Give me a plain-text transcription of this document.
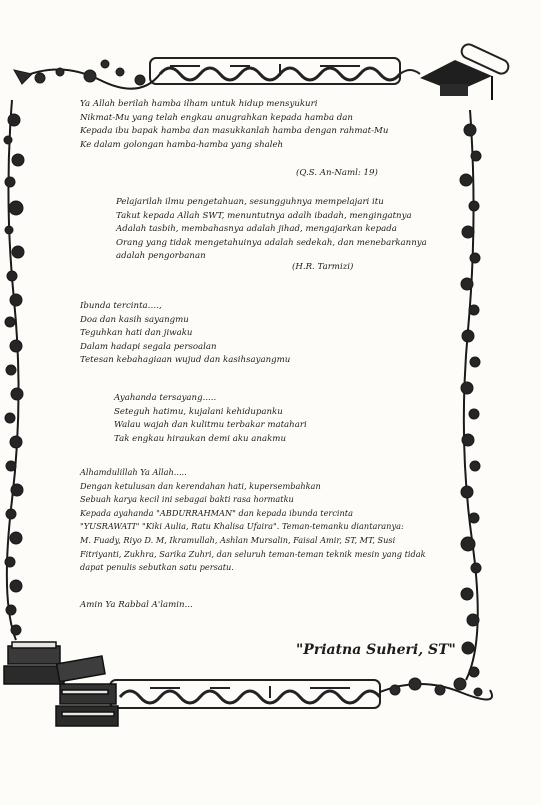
Ya Allah berilah hamba ilham untuk hidup mensyukuri
Nikmat-Mu yang telah engkau anugrahkan kepada hamba dan
Kepada ibu bapak hamba dan masukkanlah hamba dengan rahmat-Mu
Ke dalam golongan hamba-hamba yang shaleh
(Q.S. An-Naml: 19)
Pelajarilah ilmu pengetahuan, sesungguhnya mempelajari itu
Takut kepada Allah SWT, menuntutnya adalh ibadah, mengingatnya
Adalah tasbih, membahasnya adalah jihad, mengajarkan kepada
Orang yang tidak mengetahuinya adalah sedekah, dan menebarkannya
adalah pengorbanan
(H.R. Tarmizi)
Ibunda tercinta….,
Doa dan kasih sayangmu
Teguhkan hati dan jiwaku
Dalam hadapi segala persoalan
Tetesan kebahagiaan wujud dan kasihsayangmu
Ayahanda tersayang.....
Seteguh hatimu, kujalani kehidupanku
Walau wajah dan kulitmu terbakar matahari
Tak engkau hiraukan demi aku anakmu
Alhamdulillah Ya Allah.....
Dengan ketulusan dan kerendahan hati, kupersembahkan
Sebuah karya kecil ini sebagai bakti rasa hormatku
Kepada ayahanda "ABDURRAHMAN" dan kepada ibunda tercinta
"YUSRAWATI" "Kiki Aulia, Ratu Khalisa Ufaira". Teman-temanku diantaranya:
M. Fuady, Riyo D. M, Ikramullah, Ashlan Mursalin, Faisal Amir, ST, MT, Susi
Fitriyanti, Zukhra, Sarika Zuhri, dan seluruh teman-teman teknik mesin yang tidak
dapat penulis sebutkan satu persatu.
Amin Ya Rabbal A'lamin...
"Priatna Suheri, ST"
